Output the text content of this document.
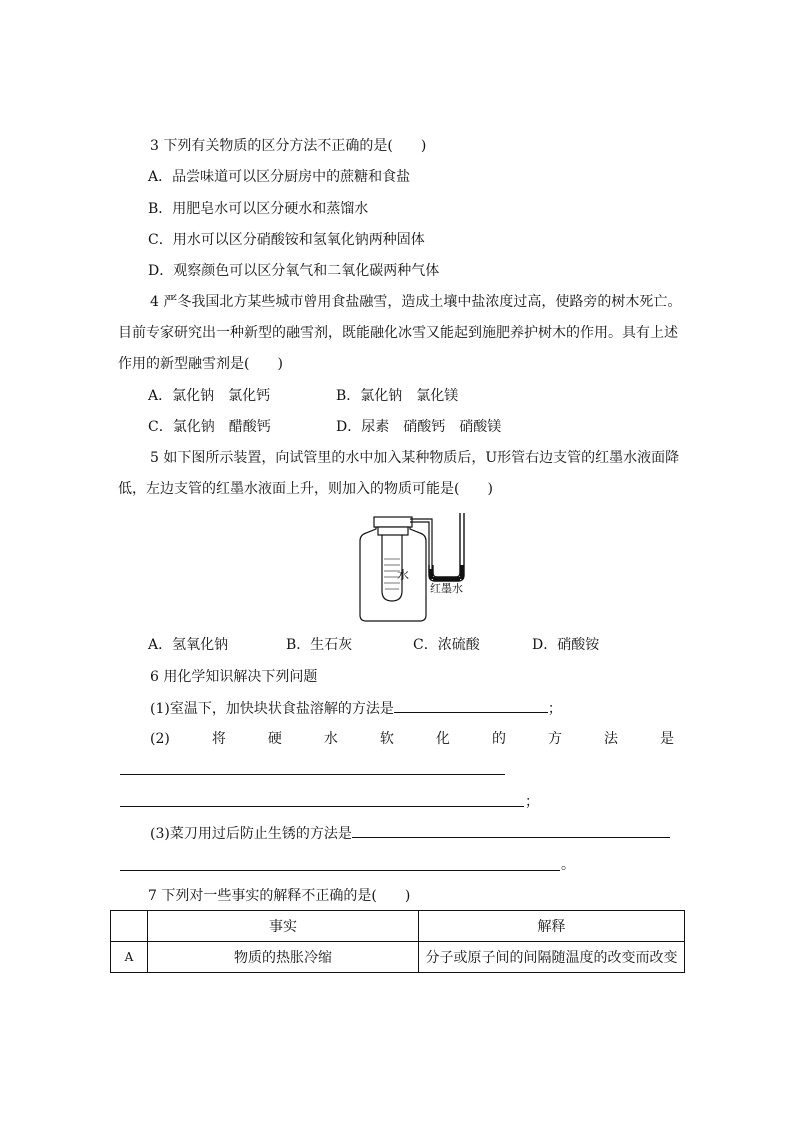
3 下列有关物质的区分方法不正确的是(　　)
A．品尝味道可以区分厨房中的蔗糖和食盐
B．用肥皂水可以区分硬水和蒸馏水
C．用水可以区分硝酸铵和氢氧化钠两种固体
D．观察颜色可以区分氧气和二氧化碳两种气体
4 严冬我国北方某些城市曾用食盐融雪，造成土壤中盐浓度过高，使路旁的树木死亡。
目前专家研究出一种新型的融雪剂，既能融化冰雪又能起到施肥养护树木的作用。具有上述
作用的新型融雪剂是(　　)
A．氯化钠　氯化钙	B．氯化钠　氯化镁
C．氯化钠　醋酸钙	D．尿素　硝酸钙　硝酸镁
5 如下图所示装置，向试管里的水中加入某种物质后，U形管右边支管的红墨水液面降
低，左边支管的红墨水液面上升，则加入的物质可能是(　　)
水
红墨水
A．氢氧化钠	B．生石灰	C．浓硫酸	D．硝酸铵
6 用化学知识解决下列问题
(1)室温下，加快块状食盐溶解的方法是	；
(2)	将	硬	水	软	化	的	方	法	是
；
(3)菜刀用过后防止生锈的方法是
。
7 下列对一些事实的解释不正确的是(　　)
	事实	解释
A	物质的热胀冷缩	分子或原子间的间隔随温度的改变而改变
